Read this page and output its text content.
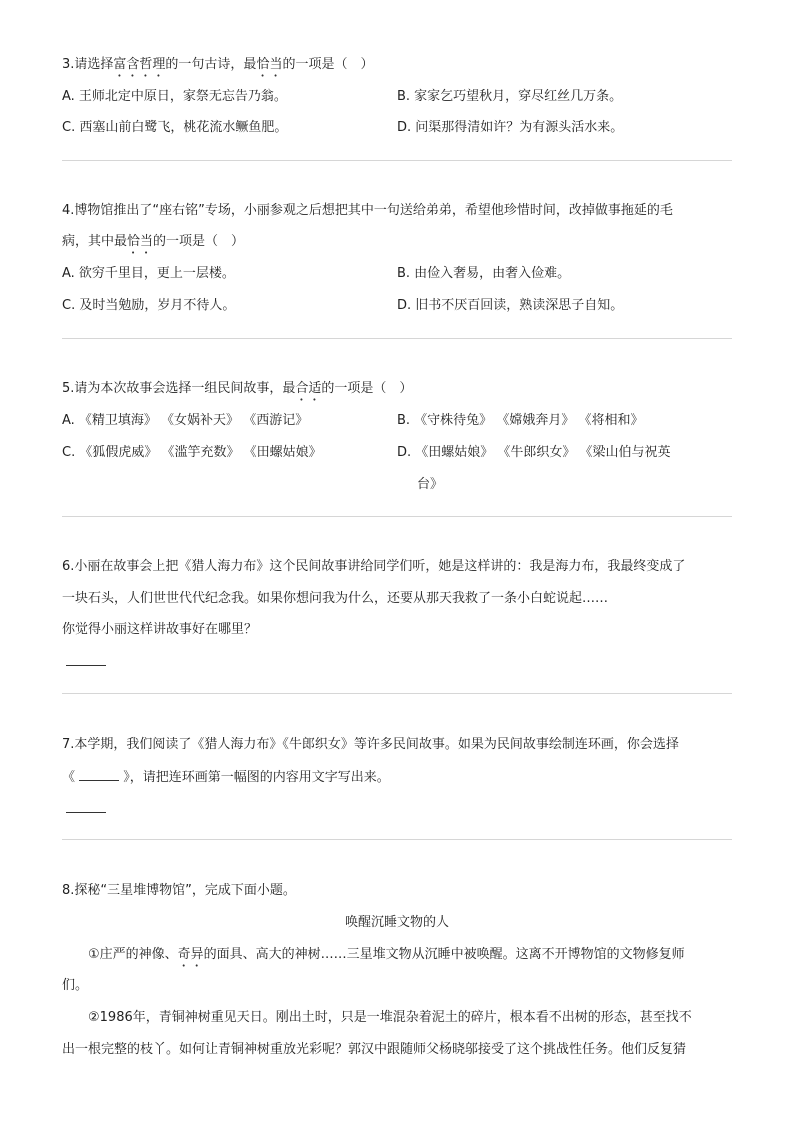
3.请选择富含哲理的一句古诗，最恰当的一项是（　）
A. 王师北定中原日，家祭无忘告乃翁。	B. 家家乞巧望秋月，穿尽红丝几万条。
C. 西塞山前白鹭飞，桃花流水鳜鱼肥。	D. 问渠那得清如许？为有源头活水来。
4.博物馆推出了“座右铭”专场，小丽参观之后想把其中一句送给弟弟，希望他珍惜时间，改掉做事拖延的毛
病，其中最恰当的一项是（　）
A. 欲穷千里目，更上一层楼。	B. 由俭入奢易，由奢入俭难。
C. 及时当勉励，岁月不待人。	D. 旧书不厌百回读，熟读深思子自知。
5.请为本次故事会选择一组民间故事，最合适的一项是（　）
A. 《精卫填海》 《女娲补天》 《西游记》	B. 《守株待兔》 《嫦娥奔月》 《将相和》
C. 《狐假虎威》 《滥竽充数》 《田螺姑娘》	D. 《田螺姑娘》 《牛郎织女》 《梁山伯与祝英
台》
6.小丽在故事会上把《猎人海力布》这个民间故事讲给同学们听，她是这样讲的：我是海力布，我最终变成了
一块石头，人们世世代代纪念我。如果你想问我为什么，还要从那天我救了一条小白蛇说起……
你觉得小丽这样讲故事好在哪里？
7.本学期，我们阅读了《猎人海力布》《牛郎织女》等许多民间故事。如果为民间故事绘制连环画，你会选择
《	》，请把连环画第一幅图的内容用文字写出来。
8.探秘“三星堆博物馆”，完成下面小题。
唤醒沉睡文物的人
①庄严的神像、奇异的面具、高大的神树……三星堆文物从沉睡中被唤醒。这离不开博物馆的文物修复师
们。
②1986年，青铜神树重见天日。刚出土时，只是一堆混杂着泥土的碎片，根本看不出树的形态，甚至找不
出一根完整的枝丫。如何让青铜神树重放光彩呢？郭汉中跟随师父杨晓邬接受了这个挑战性任务。他们反复猜
